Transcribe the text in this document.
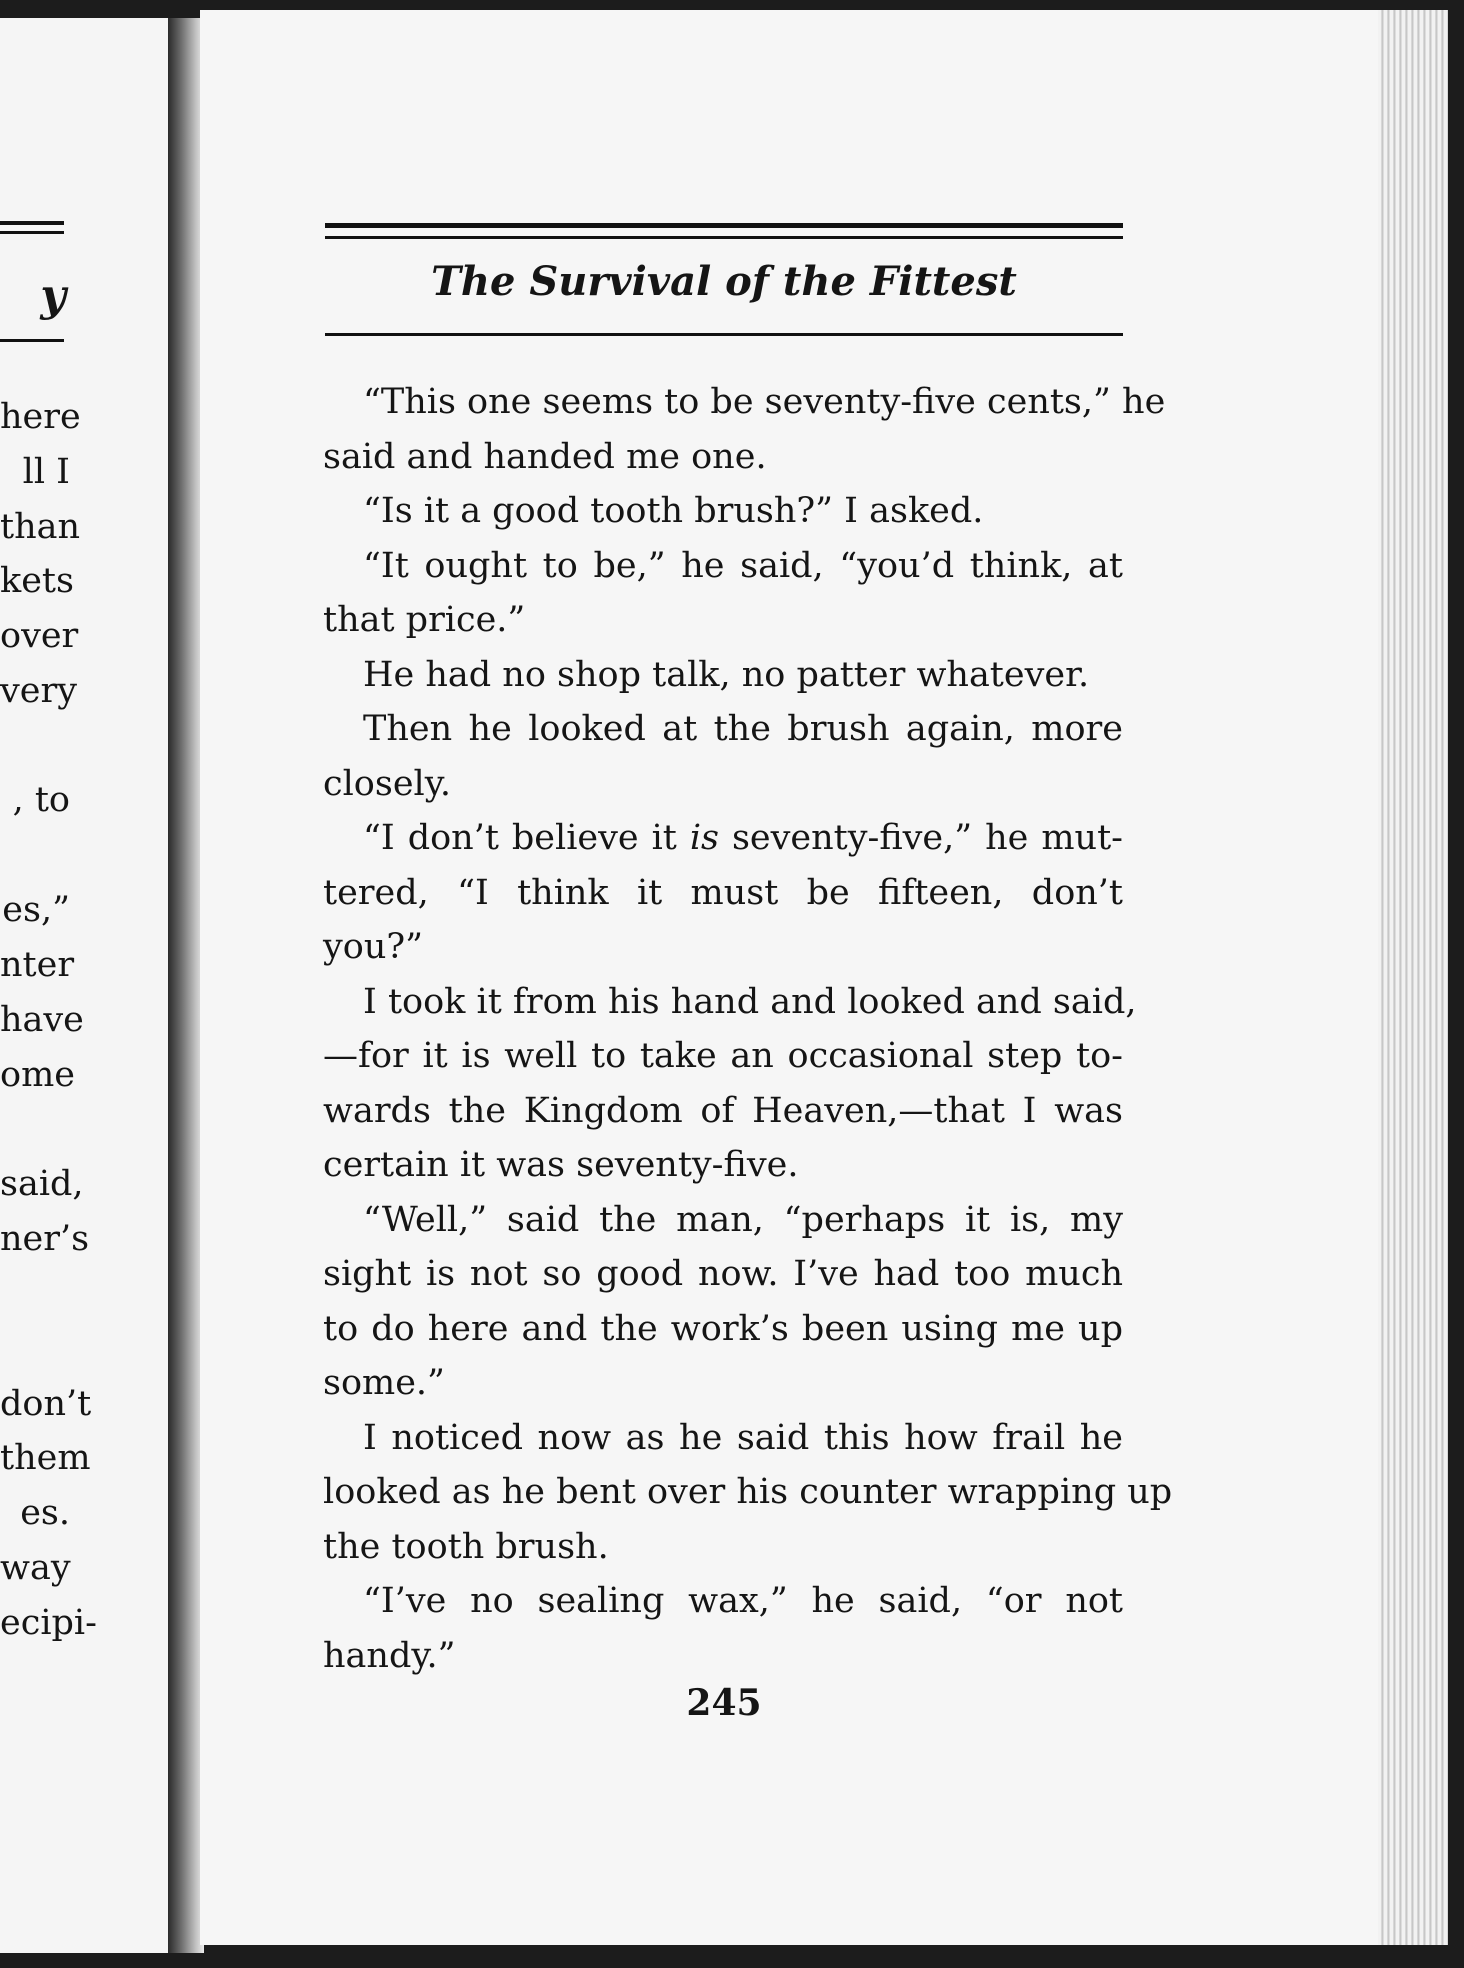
y
here
ll I
than
kets
over
very
, to
es,”
nter
have
ome
said,
ner’s
don’t
them
es.
way
ecipi-
The Survival of the Fittest
“This one seems to be seventy-five cents,” he
said and handed me one.
“Is it a good tooth brush?” I asked.
“It ought to be,” he said, “you’d think, at
that price.”
He had no shop talk, no patter whatever.
Then he looked at the brush again, more
closely.
“I don’t believe it is seventy-five,” he mut-
tered, “I think it must be fifteen, don’t
you?”
I took it from his hand and looked and said,
—for it is well to take an occasional step to-
wards the Kingdom of Heaven,—that I was
certain it was seventy-five.
“Well,” said the man, “perhaps it is, my
sight is not so good now. I’ve had too much
to do here and the work’s been using me up
some.”
I noticed now as he said this how frail he
looked as he bent over his counter wrapping up
the tooth brush.
“I’ve no sealing wax,” he said, “or not
handy.”
245
